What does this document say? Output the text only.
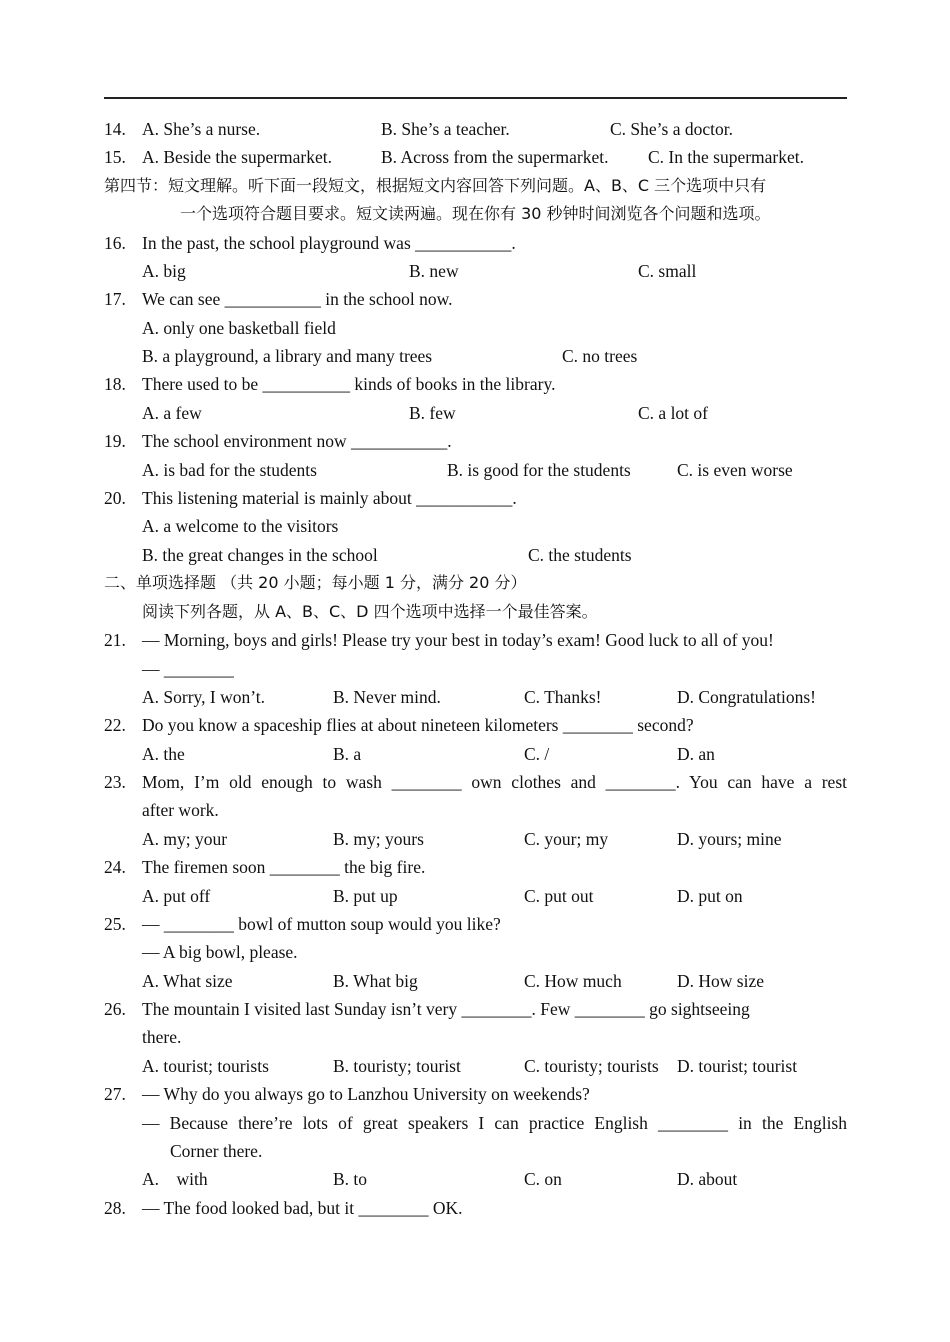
14. A. She’s a nurse.	B. She’s a teacher.	C. She’s a doctor.
15. A. Beside the supermarket.	B. Across from the supermarket. C. In the supermarket.
第四节：短文理解。听下面一段短文，根据短文内容回答下列问题。A、B、C 三个选项中只有
一个选项符合题目要求。短文读两遍。现在你有 30 秒钟时间浏览各个问题和选项。
16. In the past, the school playground was ___________.
A. big	B. new	C. small
17. We can see ___________ in the school now.
A. only one basketball field
B. a playground, a library and many trees	C. no trees
18. There used to be __________ kinds of books in the library.
A. a few	B. few	C. a lot of
19. The school environment now ___________.
A. is bad for the students	B. is good for the students	C. is even worse
20. This listening material is mainly about ___________.
A. a welcome to the visitors
B. the great changes in the school	C. the students
二、单项选择题 （共 20 小题；每小题 1 分，满分 20 分）
阅读下列各题，从 A、B、C、D 四个选项中选择一个最佳答案。
21. — Morning, boys and girls! Please try your best in today’s exam! Good luck to all of you!
— ________
A. Sorry, I won’t.	B. Never mind.	C. Thanks!	D. Congratulations!
22. Do you know a spaceship flies at about nineteen kilometers ________ second?
A. the	B. a	C. /	D. an
23. Mom, I’m old enough to wash ________ own clothes and ________. You can have a rest
after work.
A. my; your	B. my; yours	C. your; my	D. yours; mine
24. The firemen soon ________ the big fire.
A. put off	B. put up	C. put out	D. put on
25. — ________ bowl of mutton soup would you like?
— A big bowl, please.
A. What size	B. What big	C. How much	D. How size
26. The mountain I visited last Sunday isn’t very ________. Few ________ go sightseeing
there.
A. tourist; tourists	B. touristy; tourist	C. touristy; tourists D. tourist; tourist
27. — Why do you always go to Lanzhou University on weekends?
— Because there’re lots of great speakers I can practice English ________ in the English
Corner there.
A.    with	B. to	C. on	D. about
28. — The food looked bad, but it ________ OK.
